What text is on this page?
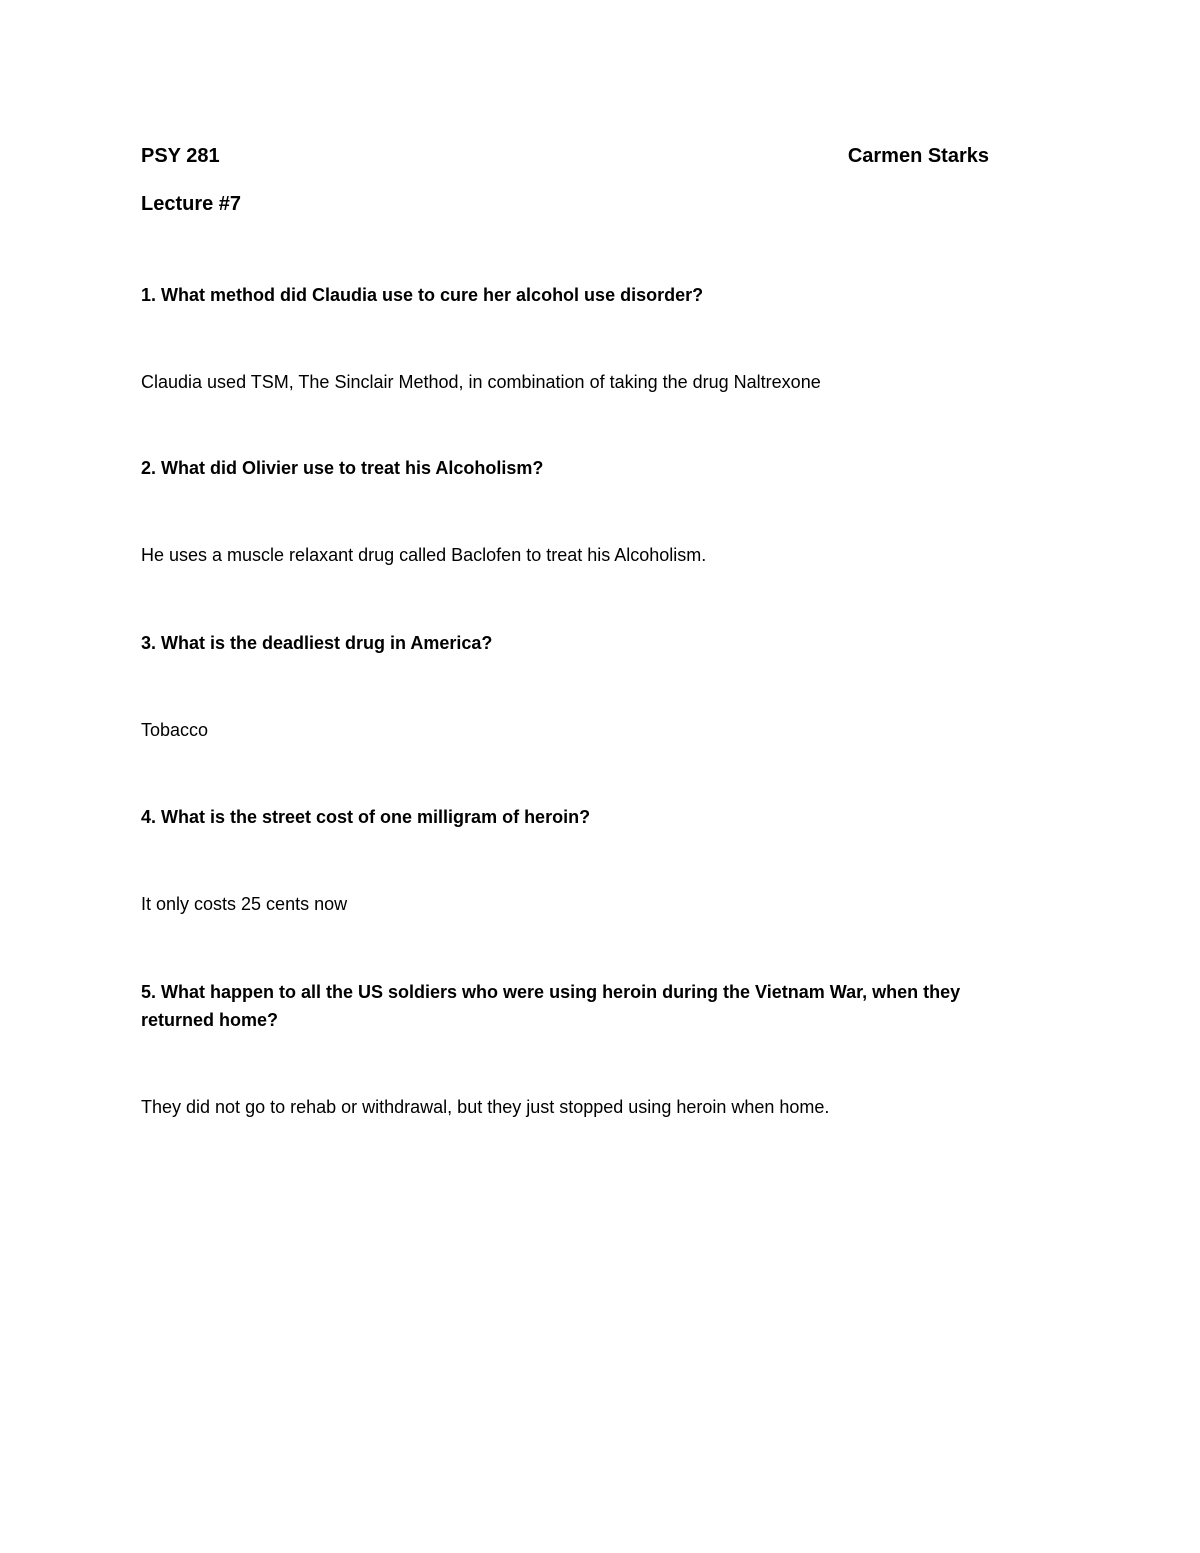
PSY 281	Carmen Starks
Lecture #7

1. What method did Claudia use to cure her alcohol use disorder?

Claudia used TSM, The Sinclair Method, in combination of taking the drug Naltrexone

2. What did Olivier use to treat his Alcoholism?

He uses a muscle relaxant drug called Baclofen to treat his Alcoholism.

3. What is the deadliest drug in America?

Tobacco

4. What is the street cost of one milligram of heroin?

It only costs 25 cents now

5. What happen to all the US soldiers who were using heroin during the Vietnam War, when they returned home?

They did not go to rehab or withdrawal, but they just stopped using heroin when home.
